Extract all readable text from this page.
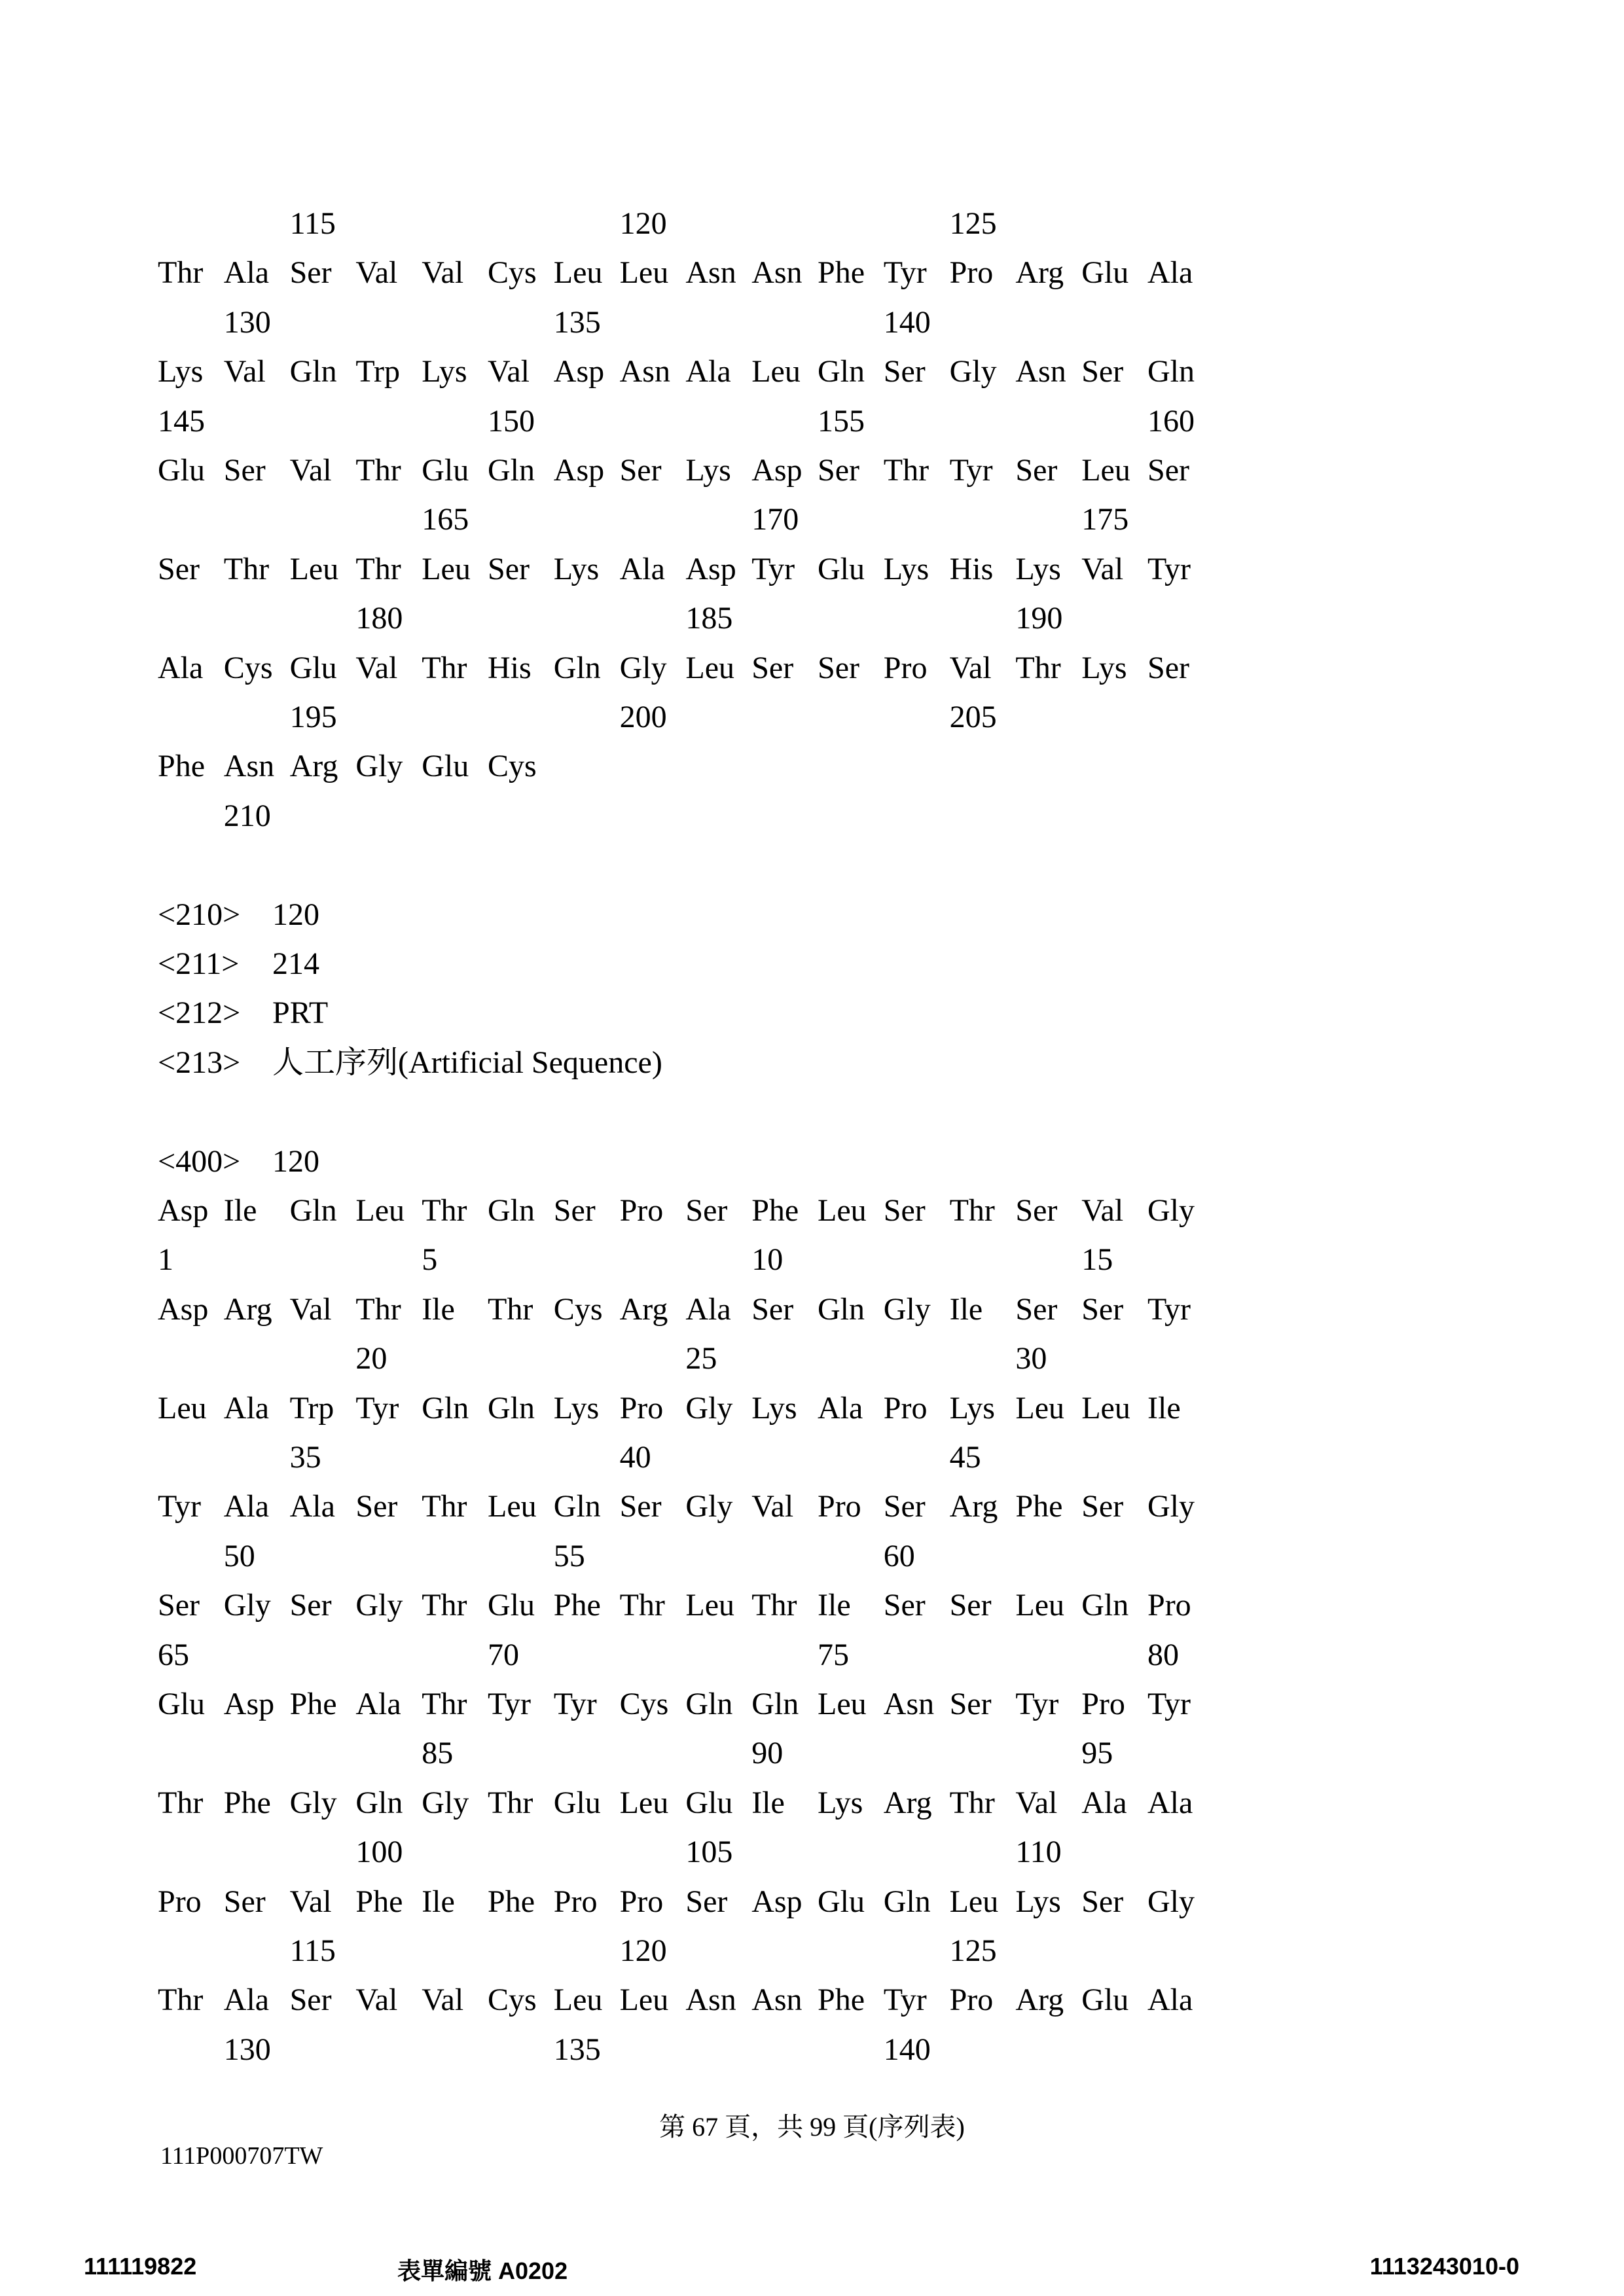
115	120	125
Thr Ala Ser Val Val Cys Leu Leu Asn Asn Phe Tyr Pro Arg Glu Ala
130	135	140
Lys Val Gln Trp Lys Val Asp Asn Ala Leu Gln Ser Gly Asn Ser Gln
145	150	155	160
Glu Ser Val Thr Glu Gln Asp Ser Lys Asp Ser Thr Tyr Ser Leu Ser
165	170	175
Ser Thr Leu Thr Leu Ser Lys Ala Asp Tyr Glu Lys His Lys Val Tyr
180	185	190
Ala Cys Glu Val Thr His Gln Gly Leu Ser Ser Pro Val Thr Lys Ser
195	200	205
Phe Asn Arg Gly Glu Cys
210
Asp Ile Gln Leu Thr Gln Ser Pro Ser Phe Leu Ser Thr Ser Val Gly
1	5	10	15
Asp Arg Val Thr Ile Thr Cys Arg Ala Ser Gln Gly Ile Ser Ser Tyr
20	25	30
Leu Ala Trp Tyr Gln Gln Lys Pro Gly Lys Ala Pro Lys Leu Leu Ile
35	40	45
Tyr Ala Ala Ser Thr Leu Gln Ser Gly Val Pro Ser Arg Phe Ser Gly
50	55	60
Ser Gly Ser Gly Thr Glu Phe Thr Leu Thr Ile Ser Ser Leu Gln Pro
65	70	75	80
Glu Asp Phe Ala Thr Tyr Tyr Cys Gln Gln Leu Asn Ser Tyr Pro Tyr
85	90	95
Thr Phe Gly Gln Gly Thr Glu Leu Glu Ile Lys Arg Thr Val Ala Ala
100	105	110
Pro Ser Val Phe Ile Phe Pro Pro Ser Asp Glu Gln Leu Lys Ser Gly
115	120	125
Thr Ala Ser Val Val Cys Leu Leu Asn Asn Phe Tyr Pro Arg Glu Ala
130	135	140
<210> 120
<211> 214
<212> PRT
<213> 人工序列(Artificial Sequence)
<400> 120
第 67 頁，共 99 頁(序列表)
111P000707TW
111119822	表單編號 A0202	1113243010-0
